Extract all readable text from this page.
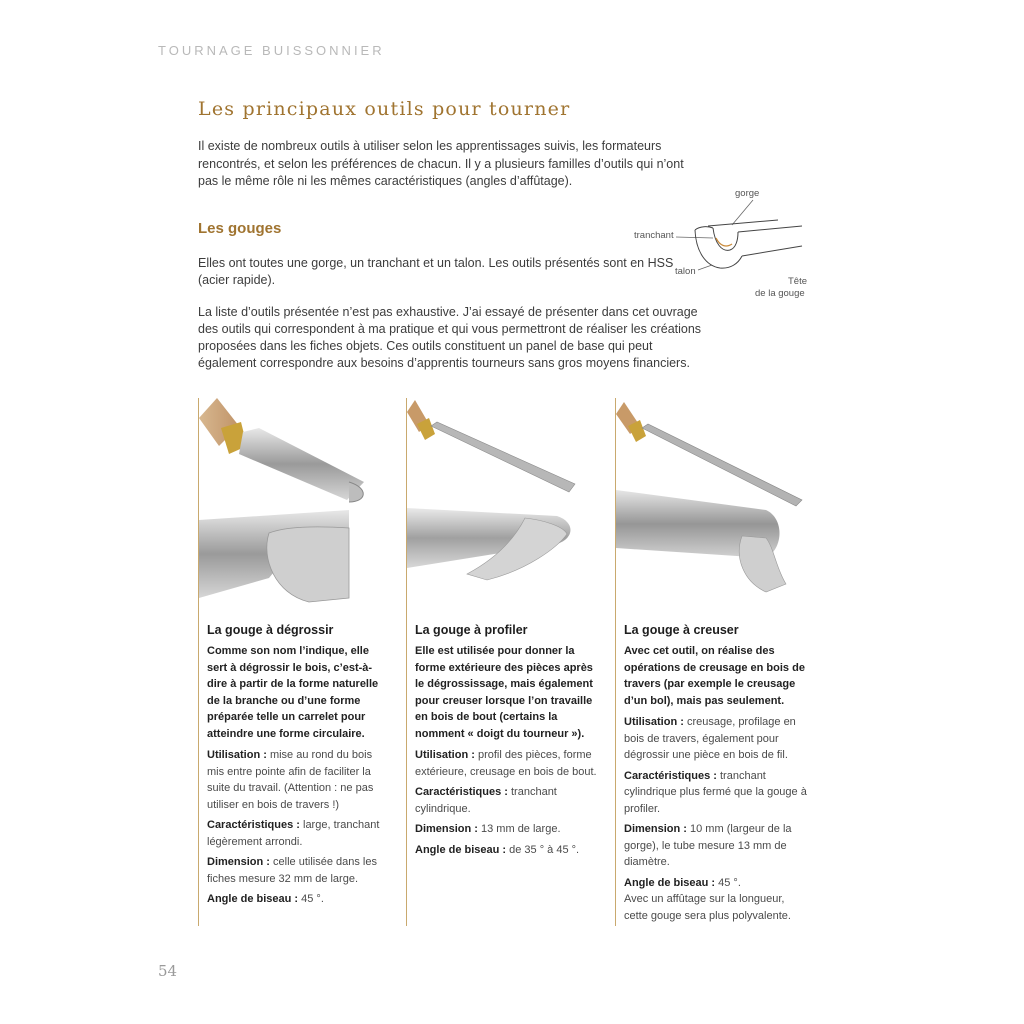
TOURNAGE BUISSONNIER
Les principaux outils pour tourner

Il existe de nombreux outils à utiliser selon les apprentissages suivis, les formateurs rencontrés, et selon les préférences de chacun. Il y a plusieurs familles d’outils qui n’ont pas le même rôle ni les mêmes caractéristiques (angles d’affûtage).

Les gouges

Elles ont toutes une gorge, un tranchant et un talon. Les outils présentés sont en HSS (acier rapide).

La liste d’outils présentée n’est pas exhaustive. J’ai essayé de présenter dans cet ouvrage des outils qui correspondent à ma pratique et qui vous permettront de réaliser les créations proposées dans les fiches objets. Ces outils constituent un panel de base qui peut également correspondre aux besoins d’apprentis tourneurs sans gros moyens financiers.

gorge
tranchant
talon
Tête
de la gouge

La gouge à dégrossir

Comme son nom l’indique, elle sert à dégrossir le bois, c’est-à-dire à partir de la forme naturelle de la branche ou d’une forme préparée telle un carrelet pour atteindre une forme circulaire.

Utilisation : mise au rond du bois mis entre pointe afin de faciliter la suite du travail. (Attention : ne pas utiliser en bois de travers !)

Caractéristiques : large, tranchant légèrement arrondi.

Dimension : celle utilisée dans les fiches mesure 32 mm de large.

Angle de biseau : 45 °.

La gouge à profiler

Elle est utilisée pour donner la forme extérieure des pièces après le dégrossissage, mais également pour creuser lorsque l’on travaille en bois de bout (certains la nomment « doigt du tourneur »).

Utilisation : profil des pièces, forme extérieure, creusage en bois de bout.

Caractéristiques : tranchant cylindrique.

Dimension : 13 mm de large.

Angle de biseau : de 35 ° à 45 °.

La gouge à creuser

Avec cet outil, on réalise des opérations de creusage en bois de travers (par exemple le creusage d’un bol), mais pas seulement.

Utilisation : creusage, profilage en bois de travers, également pour dégrossir une pièce en bois de fil.

Caractéristiques : tranchant cylindrique plus fermé que la gouge à profiler.

Dimension : 10 mm (largeur de la gorge), le tube mesure 13 mm de diamètre.

Angle de biseau : 45 °.
Avec un affûtage sur la longueur, cette gouge sera plus polyvalente.

54
